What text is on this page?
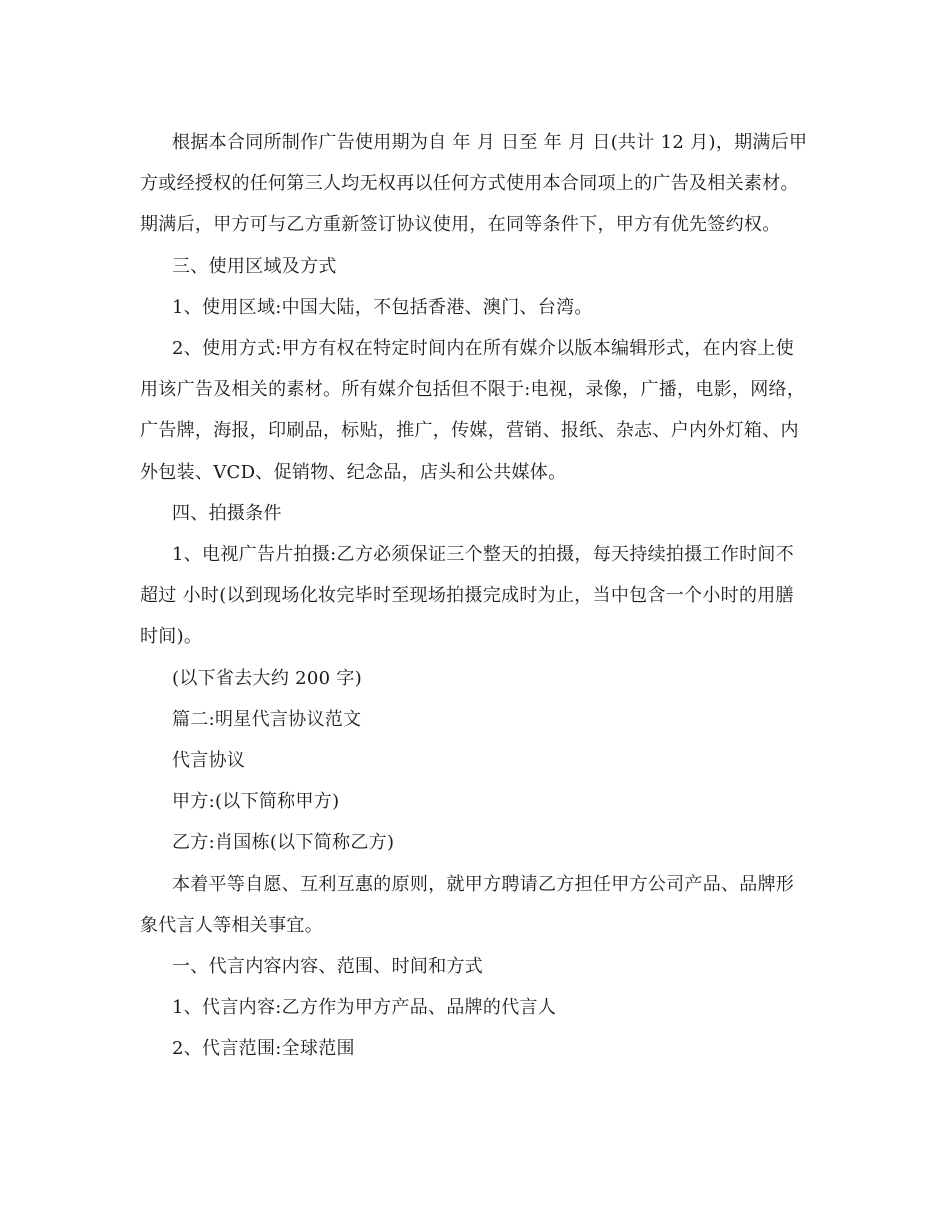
根据本合同所制作广告使用期为自 年 月 日至 年 月 日(共计 12 月)，期满后甲方或经授权的任何第三人均无权再以任何方式使用本合同项上的广告及相关素材。期满后，甲方可与乙方重新签订协议使用，在同等条件下，甲方有优先签约权。

三、使用区域及方式

1、使用区域:中国大陆，不包括香港、澳门、台湾。

2、使用方式:甲方有权在特定时间内在所有媒介以版本编辑形式，在内容上使用该广告及相关的素材。所有媒介包括但不限于:电视，录像，广播，电影，网络，广告牌，海报，印刷品，标贴，推广，传媒，营销、报纸、杂志、户内外灯箱、内外包装、VCD、促销物、纪念品，店头和公共媒体。

四、拍摄条件

1、电视广告片拍摄:乙方必须保证三个整天的拍摄，每天持续拍摄工作时间不超过 小时(以到现场化妆完毕时至现场拍摄完成时为止，当中包含一个小时的用膳时间)。

(以下省去大约 200 字)

篇二:明星代言协议范文

代言协议

甲方:(以下简称甲方)

乙方:肖国栋(以下简称乙方)

本着平等自愿、互利互惠的原则，就甲方聘请乙方担任甲方公司产品、品牌形象代言人等相关事宜。

一、代言内容内容、范围、时间和方式

1、代言内容:乙方作为甲方产品、品牌的代言人

2、代言范围:全球范围
